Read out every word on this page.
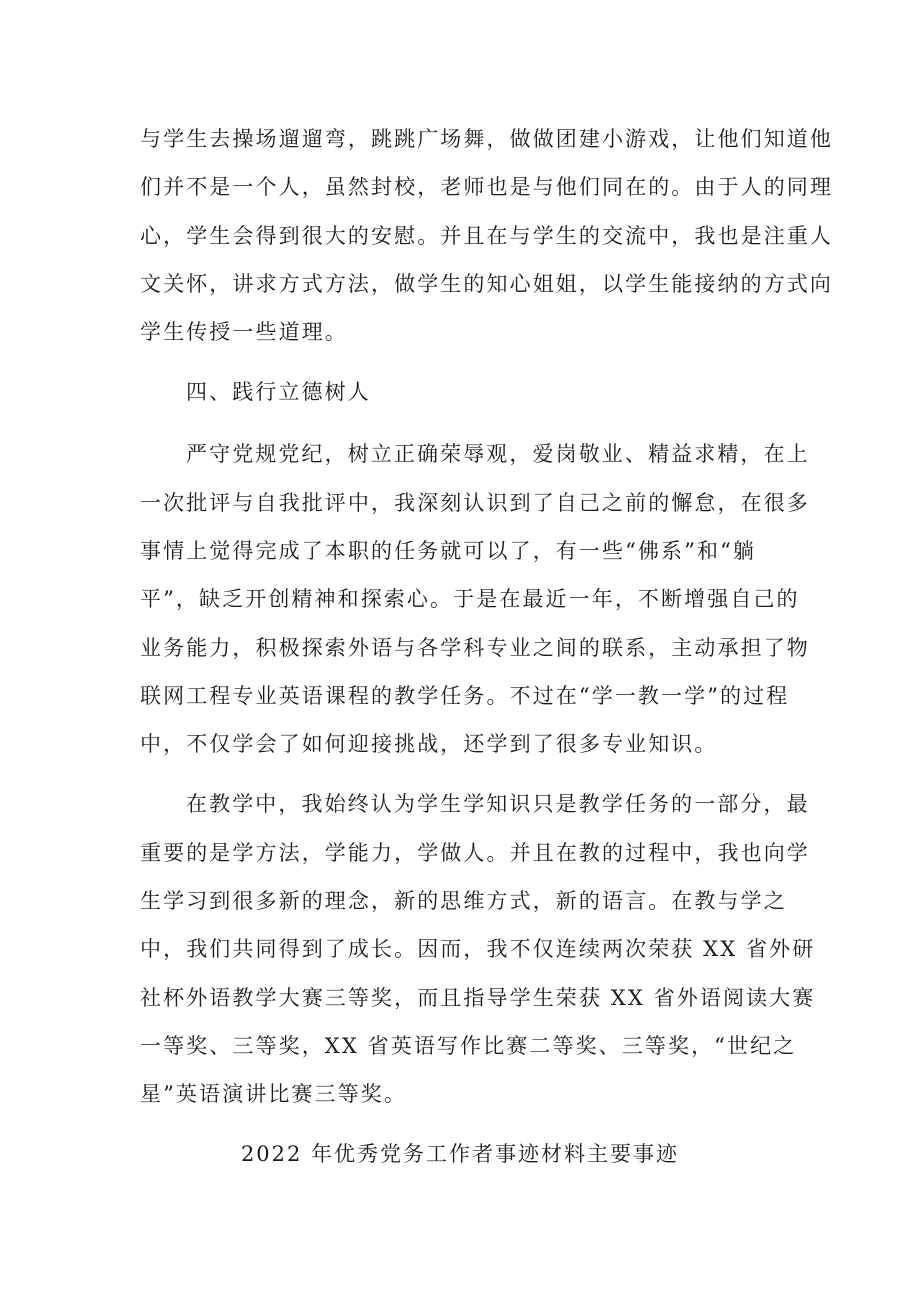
与学生去操场遛遛弯，跳跳广场舞，做做团建小游戏，让他们知道他
们并不是一个人，虽然封校，老师也是与他们同在的。由于人的同理
心，学生会得到很大的安慰。并且在与学生的交流中，我也是注重人
文关怀，讲求方式方法，做学生的知心姐姐，以学生能接纳的方式向
学生传授一些道理。
四、践行立德树人
严守党规党纪，树立正确荣辱观，爱岗敬业、精益求精，在上
一次批评与自我批评中，我深刻认识到了自己之前的懈怠，在很多
事情上觉得完成了本职的任务就可以了，有一些“佛系”和“躺
平”，缺乏开创精神和探索心。于是在最近一年，不断增强自己的
业务能力，积极探索外语与各学科专业之间的联系，主动承担了物
联网工程专业英语课程的教学任务。不过在“学一教一学”的过程
中，不仅学会了如何迎接挑战，还学到了很多专业知识。
在教学中，我始终认为学生学知识只是教学任务的一部分，最
重要的是学方法，学能力，学做人。并且在教的过程中，我也向学
生学习到很多新的理念，新的思维方式，新的语言。在教与学之
中，我们共同得到了成长。因而，我不仅连续两次荣获 XX 省外研
社杯外语教学大赛三等奖，而且指导学生荣获 XX 省外语阅读大赛
一等奖、三等奖，XX 省英语写作比赛二等奖、三等奖，“世纪之
星”英语演讲比赛三等奖。
2022 年优秀党务工作者事迹材料主要事迹
